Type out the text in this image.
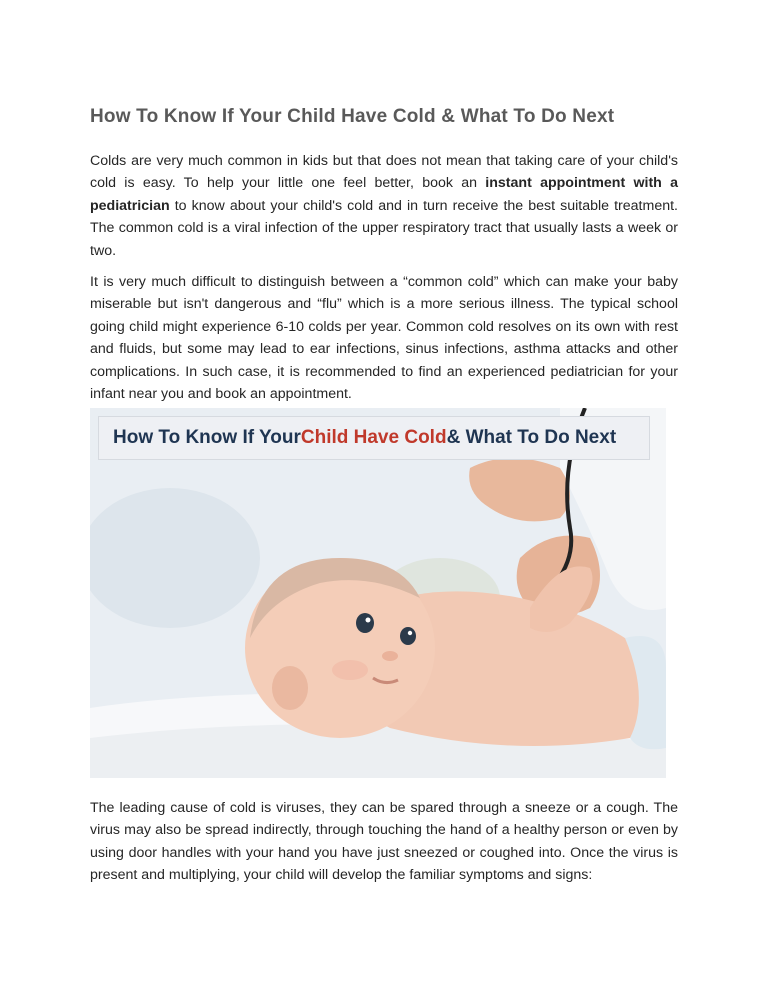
How To Know If Your Child Have Cold & What To Do Next

Colds are very much common in kids but that does not mean that taking care of your child's cold is easy. To help your little one feel better, book an instant appointment with a pediatrician to know about your child's cold and in turn receive the best suitable treatment. The common cold is a viral infection of the upper respiratory tract that usually lasts a week or two.

It is very much difficult to distinguish between a “common cold” which can make your baby miserable but isn't dangerous and “flu” which is a more serious illness. The typical school going child might experience 6-10 colds per year. Common cold resolves on its own with rest and fluids, but some may lead to ear infections, sinus infections, asthma attacks and other complications. In such case, it is recommended to find an experienced pediatrician for your infant near you and book an appointment.

How To Know If Your Child Have Cold & What To Do Next

The leading cause of cold is viruses, they can be spared through a sneeze or a cough. The virus may also be spread indirectly, through touching the hand of a healthy person or even by using door handles with your hand you have just sneezed or coughed into. Once the virus is present and multiplying, your child will develop the familiar symptoms and signs:
